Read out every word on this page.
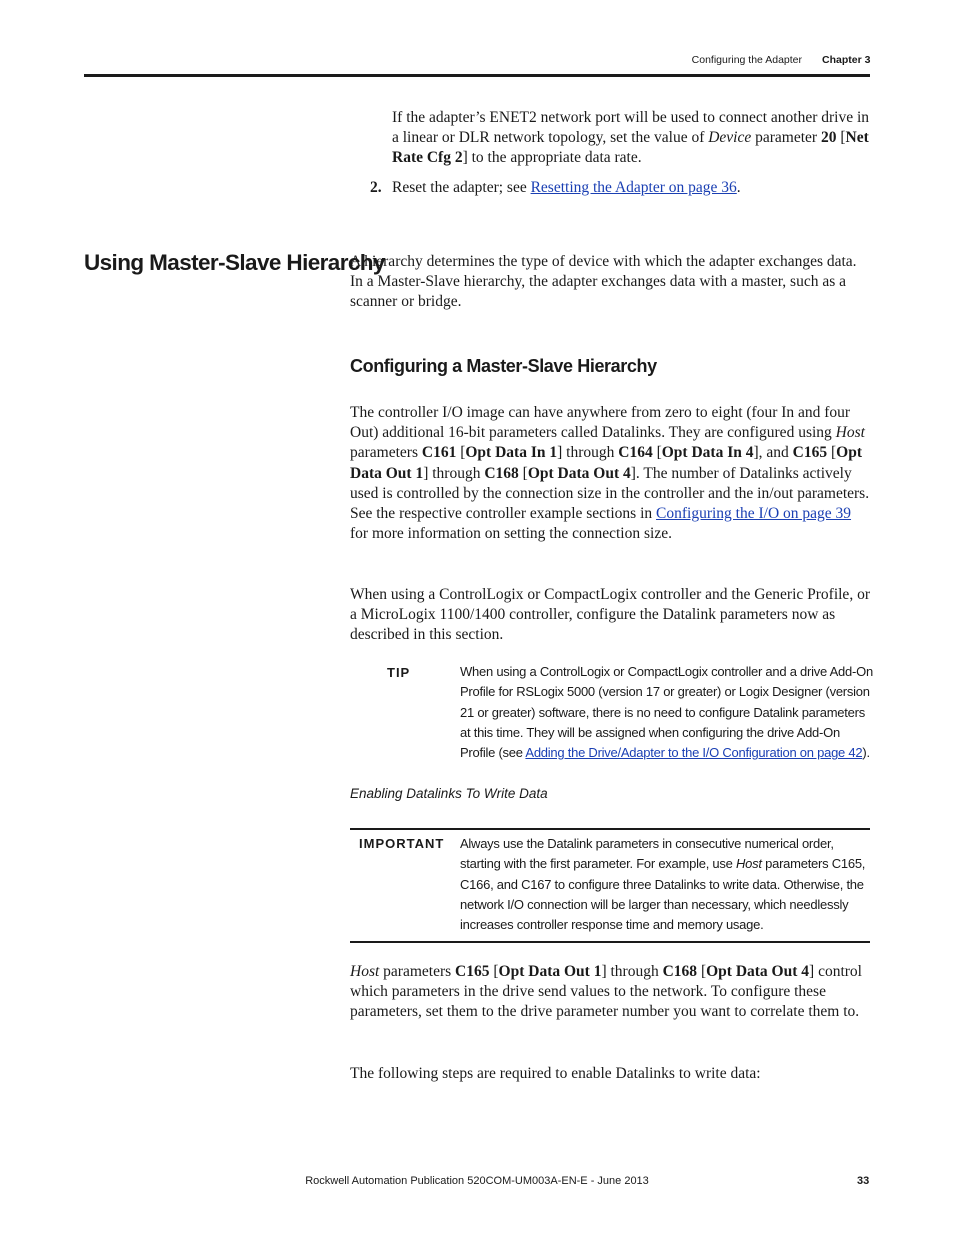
Configuring the Adapter Chapter 3
If the adapter’s ENET2 network port will be used to connect another drive in a linear or DLR network topology, set the value of Device parameter 20 [Net Rate Cfg 2] to the appropriate data rate.
2. Reset the adapter; see Resetting the Adapter on page 36.
Using Master-Slave Hierarchy
A hierarchy determines the type of device with which the adapter exchanges data. In a Master-Slave hierarchy, the adapter exchanges data with a master, such as a scanner or bridge.
Configuring a Master-Slave Hierarchy
The controller I/O image can have anywhere from zero to eight (four In and four Out) additional 16-bit parameters called Datalinks. They are configured using Host parameters C161 [Opt Data In 1] through C164 [Opt Data In 4], and C165 [Opt Data Out 1] through C168 [Opt Data Out 4]. The number of Datalinks actively used is controlled by the connection size in the controller and the in/out parameters. See the respective controller example sections in Configuring the I/O on page 39 for more information on setting the connection size.
When using a ControlLogix or CompactLogix controller and the Generic Profile, or a MicroLogix 1100/1400 controller, configure the Datalink parameters now as described in this section.
TIP	When using a ControlLogix or CompactLogix controller and a drive Add-On Profile for RSLogix 5000 (version 17 or greater) or Logix Designer (version 21 or greater) software, there is no need to configure Datalink parameters at this time. They will be assigned when configuring the drive Add-On Profile (see Adding the Drive/Adapter to the I/O Configuration on page 42).
Enabling Datalinks To Write Data
IMPORTANT Always use the Datalink parameters in consecutive numerical order, starting with the first parameter. For example, use Host parameters C165, C166, and C167 to configure three Datalinks to write data. Otherwise, the network I/O connection will be larger than necessary, which needlessly increases controller response time and memory usage.
Host parameters C165 [Opt Data Out 1] through C168 [Opt Data Out 4] control which parameters in the drive send values to the network. To configure these parameters, set them to the drive parameter number you want to correlate them to.
The following steps are required to enable Datalinks to write data:
Rockwell Automation Publication 520COM-UM003A-EN-E - June 2013	33
